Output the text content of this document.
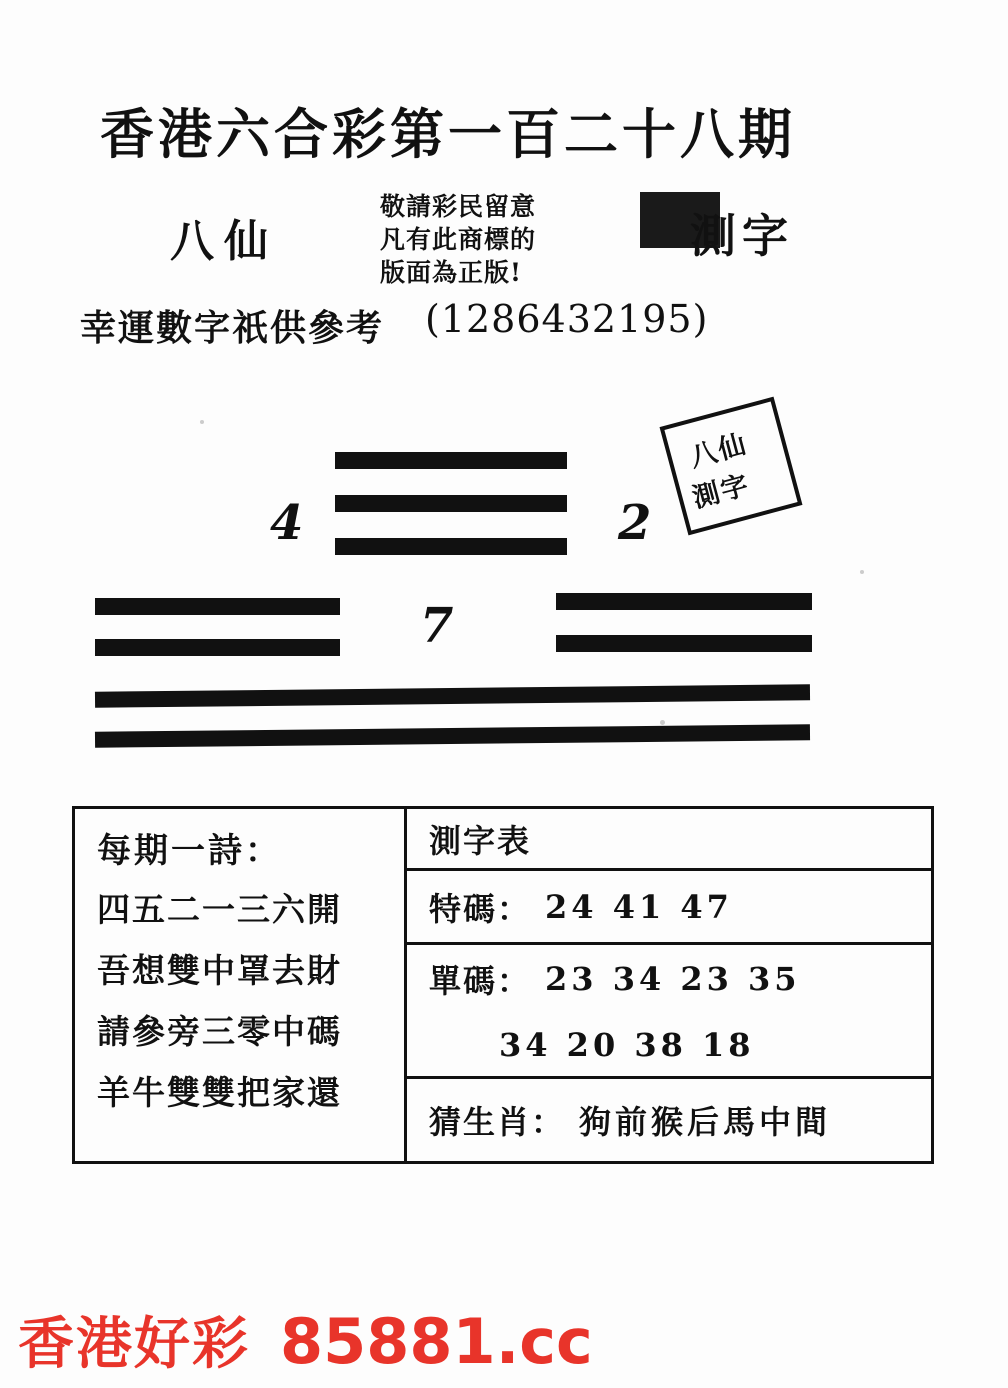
香港六合彩第一百二十八期
八仙
敬請彩民留意
凡有此商標的
版面為正版!
測字
幸運數字祇供參考 (1286432195)
4	2
7
八仙
測字
每期一詩：
四五二一三六開
吾想雙中罩去財
請參旁三零中碼
羊牛雙雙把家還
測字表
特碼： 24 41 47
單碼： 23 34 23 35
34 20 38 18
猜生肖： 狗前猴后馬中間
香港好彩 85881.cc
